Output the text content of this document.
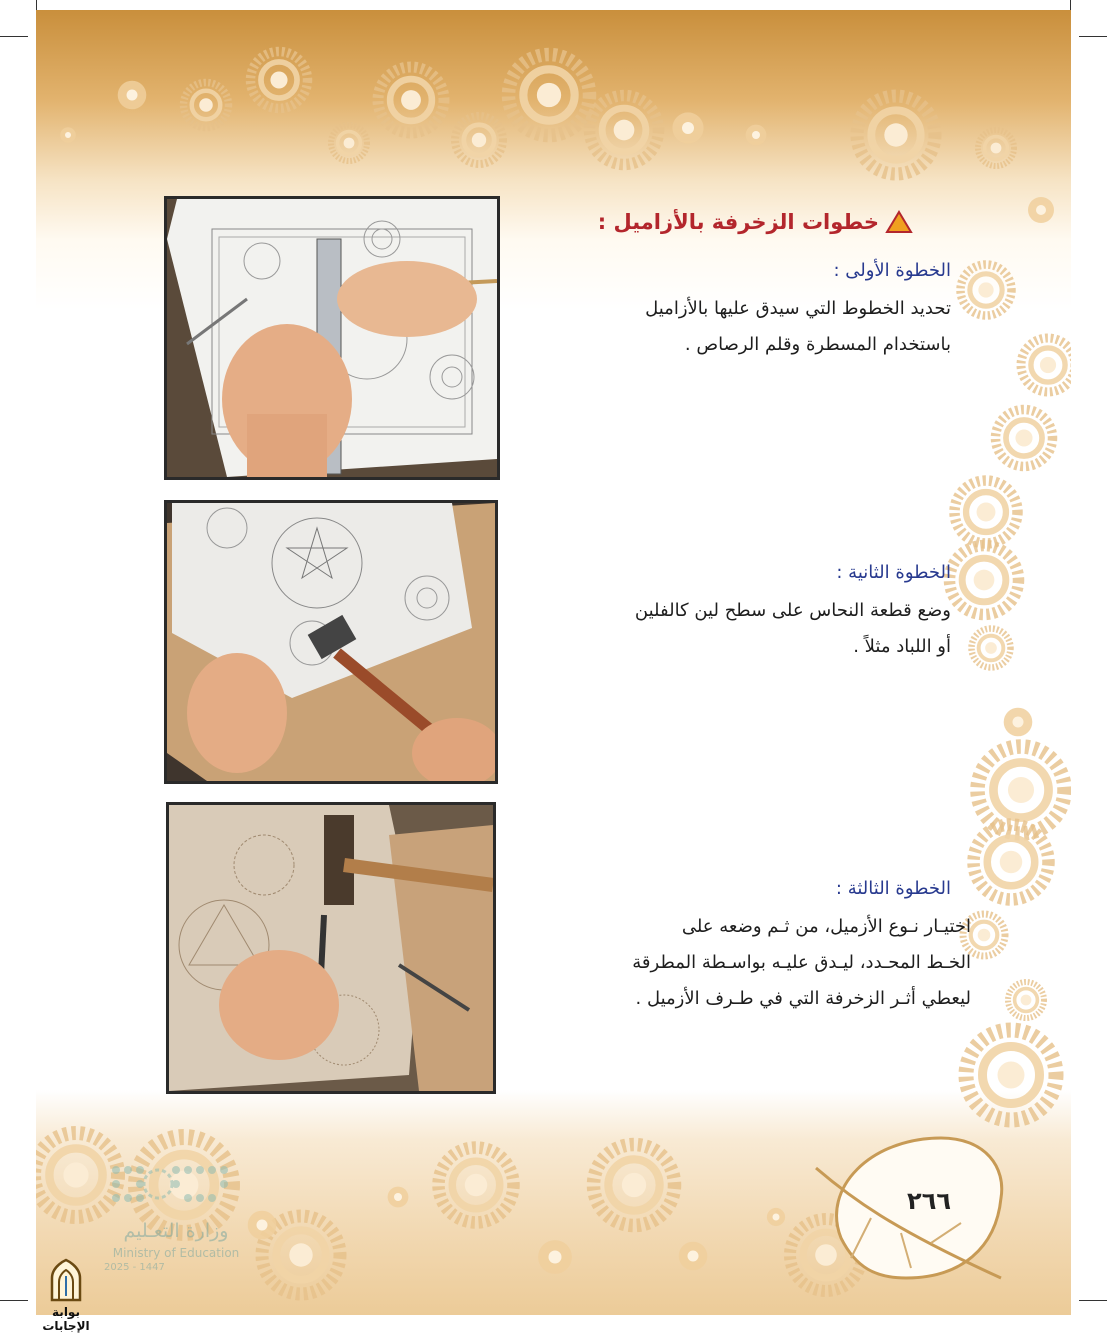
خطوات الزخرفة بالأزاميل :

الخطوة الأولى :

تحديد الخطوط التي سيدق عليها بالأزاميل
باستخدام المسطرة وقلم الرصاص .

الخطوة الثانية :

وضع قطعة النحاس على سطح لين كالفلين
أو اللباد مثلاً .

الخطوة الثالثة :

اختيـار نـوع الأزميل، من ثـم وضعه على
الخـط المحـدد، ليـدق عليـه بواسـطة المطرقة
ليعطي أثـر الزخرفة التي في طـرف الأزميل .

٢٦٦
وزارة التعـليم
Ministry of Education
2025 - 1447
بوابة الإجابات
